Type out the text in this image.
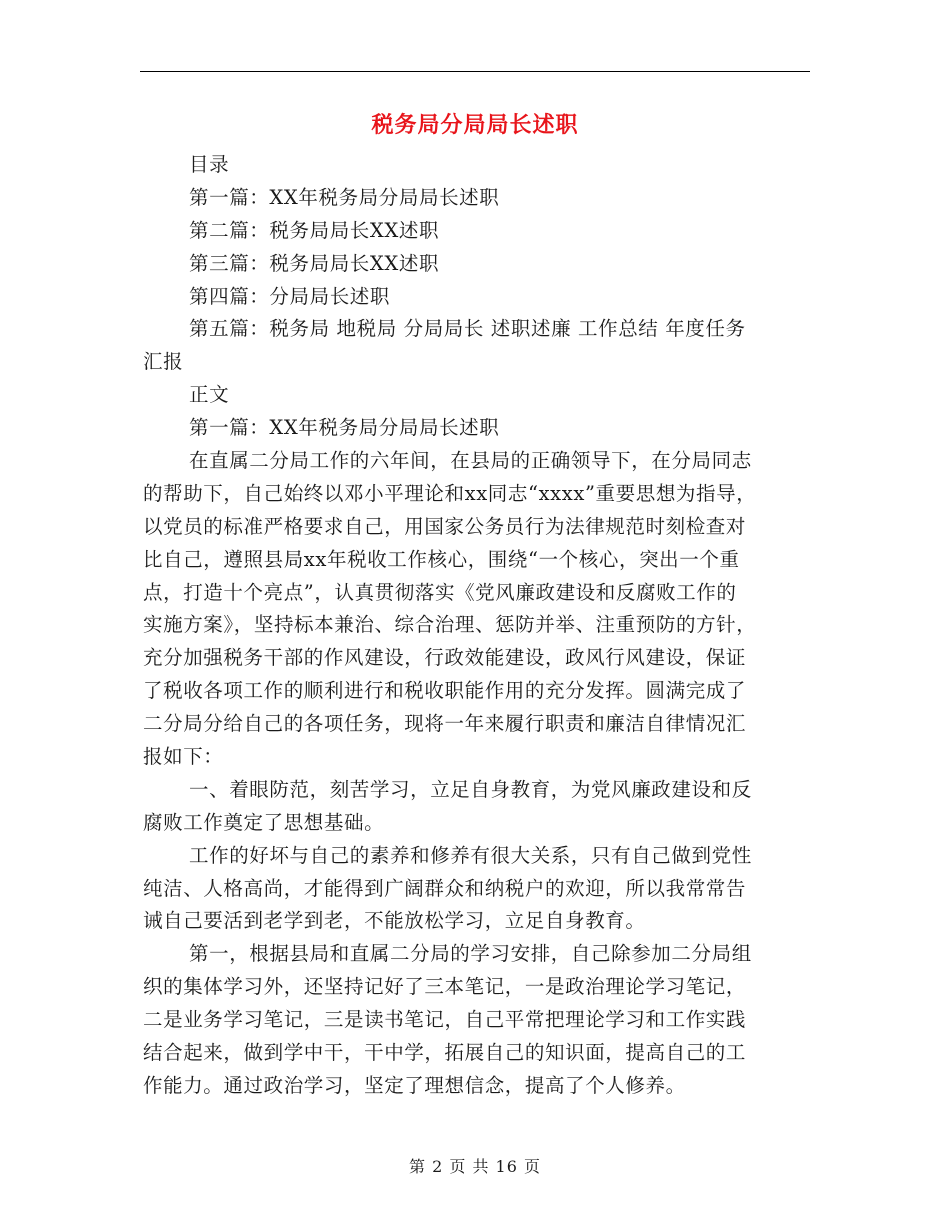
税务局分局局长述职
目录
第一篇：XX年税务局分局局长述职
第二篇：税务局局长XX述职
第三篇：税务局局长XX述职
第四篇：分局局长述职
第五篇：税务局 地税局 分局局长 述职述廉 工作总结 年度任务
汇报
正文
第一篇：XX年税务局分局局长述职
在直属二分局工作的六年间，在县局的正确领导下，在分局同志
的帮助下，自己始终以邓小平理论和xx同志“xxxx”重要思想为指导，
以党员的标准严格要求自己，用国家公务员行为法律规范时刻检查对
比自己，遵照县局xx年税收工作核心，围绕“一个核心，突出一个重
点，打造十个亮点”，认真贯彻落实《党风廉政建设和反腐败工作的
实施方案》，坚持标本兼治、综合治理、惩防并举、注重预防的方针，
充分加强税务干部的作风建设，行政效能建设，政风行风建设，保证
了税收各项工作的顺利进行和税收职能作用的充分发挥。圆满完成了
二分局分给自己的各项任务，现将一年来履行职责和廉洁自律情况汇
报如下：
一、着眼防范，刻苦学习，立足自身教育，为党风廉政建设和反
腐败工作奠定了思想基础。
工作的好坏与自己的素养和修养有很大关系，只有自己做到党性
纯洁、人格高尚，才能得到广阔群众和纳税户的欢迎，所以我常常告
诫自己要活到老学到老，不能放松学习，立足自身教育。
第一，根据县局和直属二分局的学习安排，自己除参加二分局组
织的集体学习外，还坚持记好了三本笔记，一是政治理论学习笔记，
二是业务学习笔记，三是读书笔记，自己平常把理论学习和工作实践
结合起来，做到学中干，干中学，拓展自己的知识面，提高自己的工
作能力。通过政治学习，坚定了理想信念，提高了个人修养。
第 2 页 共 16 页
